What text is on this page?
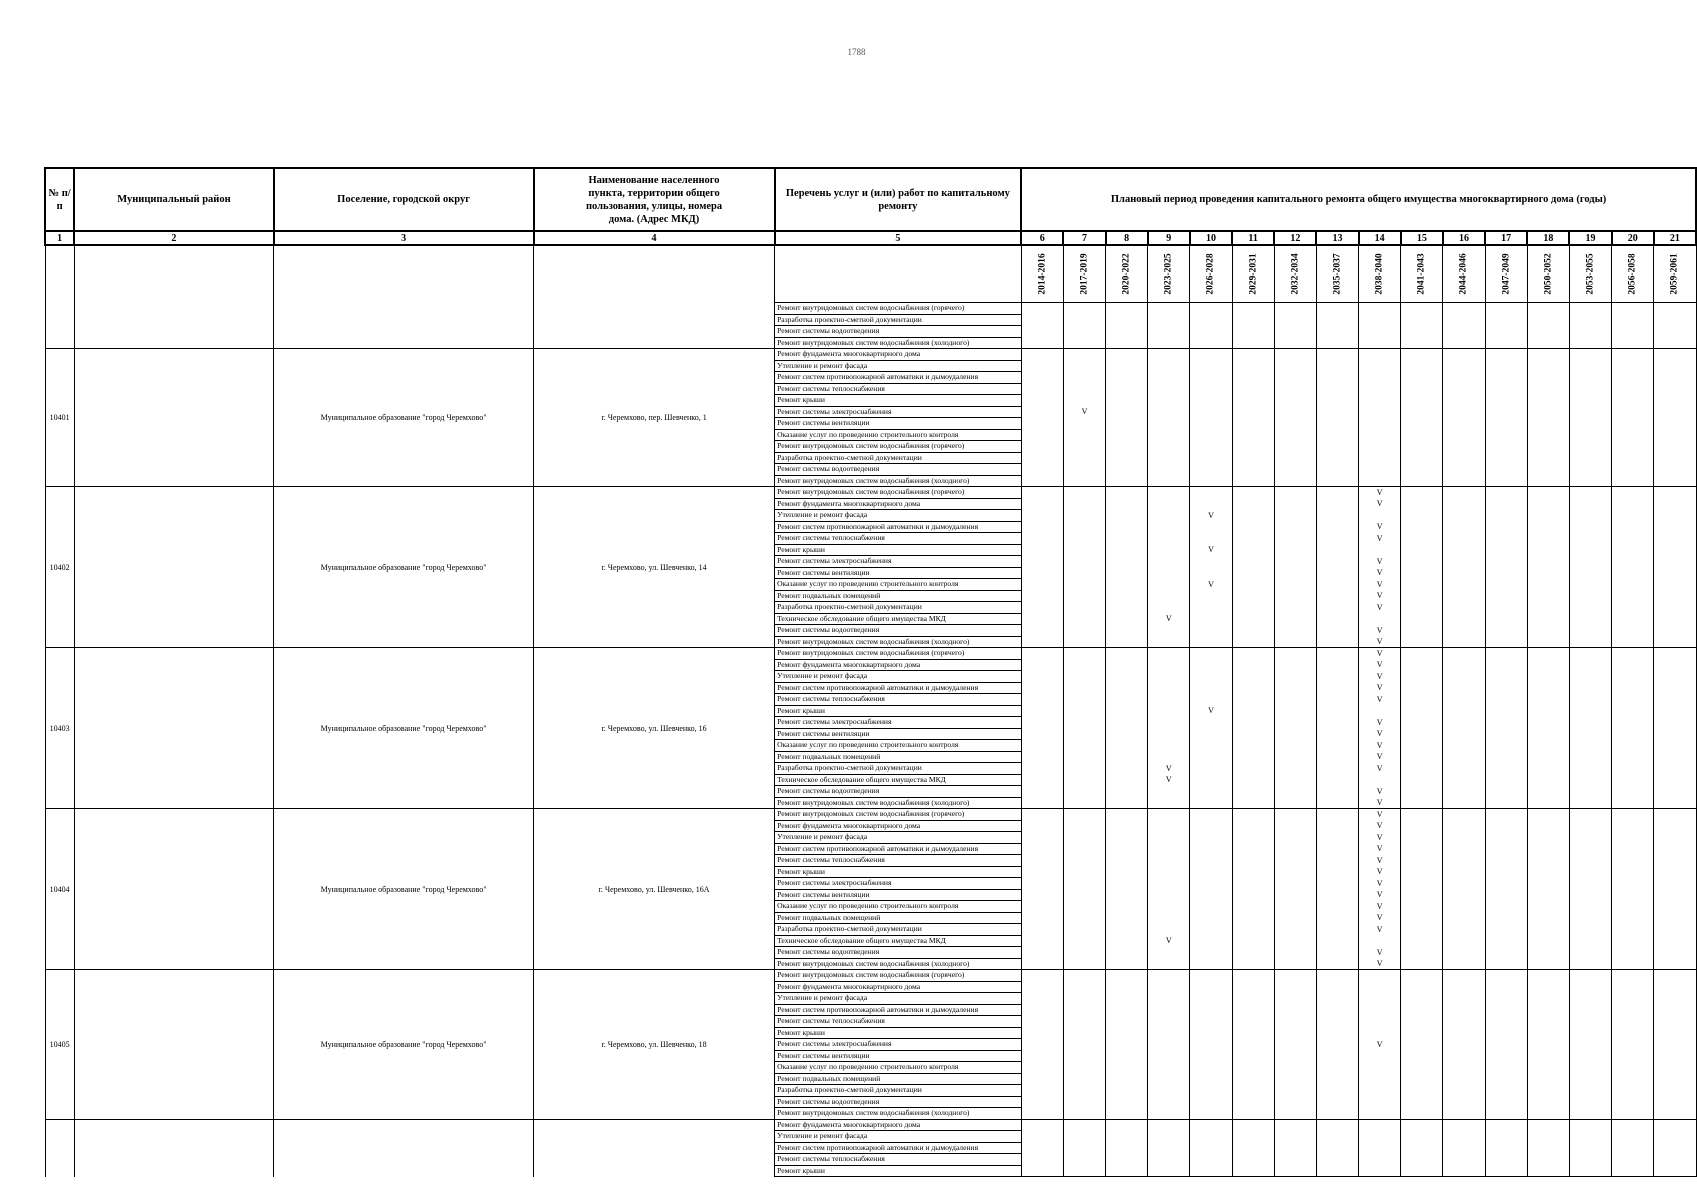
1788
№ п/п	Муниципальный район	Поселение, городской округ	Наименование населенного пункта, территории общего пользования, улицы, номера дома. (Адрес МКД)	Перечень услуг и (или) работ по капитальному ремонту	Плановый период проведения капитального ремонта общего имущества многоквартирного дома (годы)															
1	2	3	4	5	6	7	8	9	10	11	12	13	14	15	16	17	18	19	20	21
					2014-2016	2017-2019	2020-2022	2023-2025	2026-2028	2029-2031	2032-2034	2035-2037	2038-2040	2041-2043	2044-2046	2047-2049	2050-2052	2053-2055	2056-2058	2059-2061
				Ремонт внутридомовых систем водоснабжения (горячего)																
				Разработка проектно-сметной документации																
				Ремонт системы водоотведения																
				Ремонт внутридомовых систем водоснабжения (холодного)																
10401		Муниципальное образование "город Черемхово"	г. Черемхово, пер. Шевченко, 1	Ремонт фундамента многоквартирного дома																
				Утепление и ремонт фасада																
				Ремонт систем противопожарной автоматики и дымоудаления																
				Ремонт системы теплоснабжения																
				Ремонт крыши																
				Ремонт системы электроснабжения		V														
				Ремонт системы вентиляции																
				Оказание услуг по проведению строительного контроля																
				Ремонт внутридомовых систем водоснабжения (горячего)																
				Разработка проектно-сметной документации																
				Ремонт системы водоотведения																
				Ремонт внутридомовых систем водоснабжения (холодного)																
10402		Муниципальное образование "город Черемхово"	г. Черемхово, ул. Шевченко, 14	Ремонт внутридомовых систем водоснабжения (горячего)									V							
				Ремонт фундамента многоквартирного дома									V							
				Утепление и ремонт фасада					V											
				Ремонт систем противопожарной автоматики и дымоудаления									V							
				Ремонт системы теплоснабжения									V							
				Ремонт крыши					V											
				Ремонт системы электроснабжения									V							
				Ремонт системы вентиляции									V							
				Оказание услуг по проведению строительного контроля					V				V							
				Ремонт подвальных помещений									V							
				Разработка проектно-сметной документации									V							
				Техническое обследование общего имущества МКД				V												
				Ремонт системы водоотведения									V							
				Ремонт внутридомовых систем водоснабжения (холодного)									V							
10403		Муниципальное образование "город Черемхово"	г. Черемхово, ул. Шевченко, 16	Ремонт внутридомовых систем водоснабжения (горячего)									V							
				Ремонт фундамента многоквартирного дома									V							
				Утепление и ремонт фасада									V							
				Ремонт систем противопожарной автоматики и дымоудаления									V							
				Ремонт системы теплоснабжения									V							
				Ремонт крыши					V											
				Ремонт системы электроснабжения									V							
				Ремонт системы вентиляции									V							
				Оказание услуг по проведению строительного контроля									V							
				Ремонт подвальных помещений									V							
				Разработка проектно-сметной документации				V					V							
				Техническое обследование общего имущества МКД				V												
				Ремонт системы водоотведения									V							
				Ремонт внутридомовых систем водоснабжения (холодного)									V							
10404		Муниципальное образование "город Черемхово"	г. Черемхово, ул. Шевченко, 16А	Ремонт внутридомовых систем водоснабжения (горячего)									V							
				Ремонт фундамента многоквартирного дома									V							
				Утепление и ремонт фасада									V							
				Ремонт систем противопожарной автоматики и дымоудаления									V							
				Ремонт системы теплоснабжения									V							
				Ремонт крыши									V							
				Ремонт системы электроснабжения									V							
				Ремонт системы вентиляции									V							
				Оказание услуг по проведению строительного контроля									V							
				Ремонт подвальных помещений									V							
				Разработка проектно-сметной документации									V							
				Техническое обследование общего имущества МКД				V												
				Ремонт системы водоотведения									V							
				Ремонт внутридомовых систем водоснабжения (холодного)									V							
10405		Муниципальное образование "город Черемхово"	г. Черемхово, ул. Шевченко, 18	Ремонт внутридомовых систем водоснабжения (горячего)																
				Ремонт фундамента многоквартирного дома																
				Утепление и ремонт фасада																
				Ремонт систем противопожарной автоматики и дымоудаления																
				Ремонт системы теплоснабжения																
				Ремонт крыши																
				Ремонт системы электроснабжения									V							
				Ремонт системы вентиляции																
				Оказание услуг по проведению строительного контроля																
				Ремонт подвальных помещений																
				Разработка проектно-сметной документации																
				Ремонт системы водоотведения																
				Ремонт внутридомовых систем водоснабжения (холодного)																
				Ремонт фундамента многоквартирного дома																
				Утепление и ремонт фасада																
				Ремонт систем противопожарной автоматики и дымоудаления																
				Ремонт системы теплоснабжения																
				Ремонт крыши																
